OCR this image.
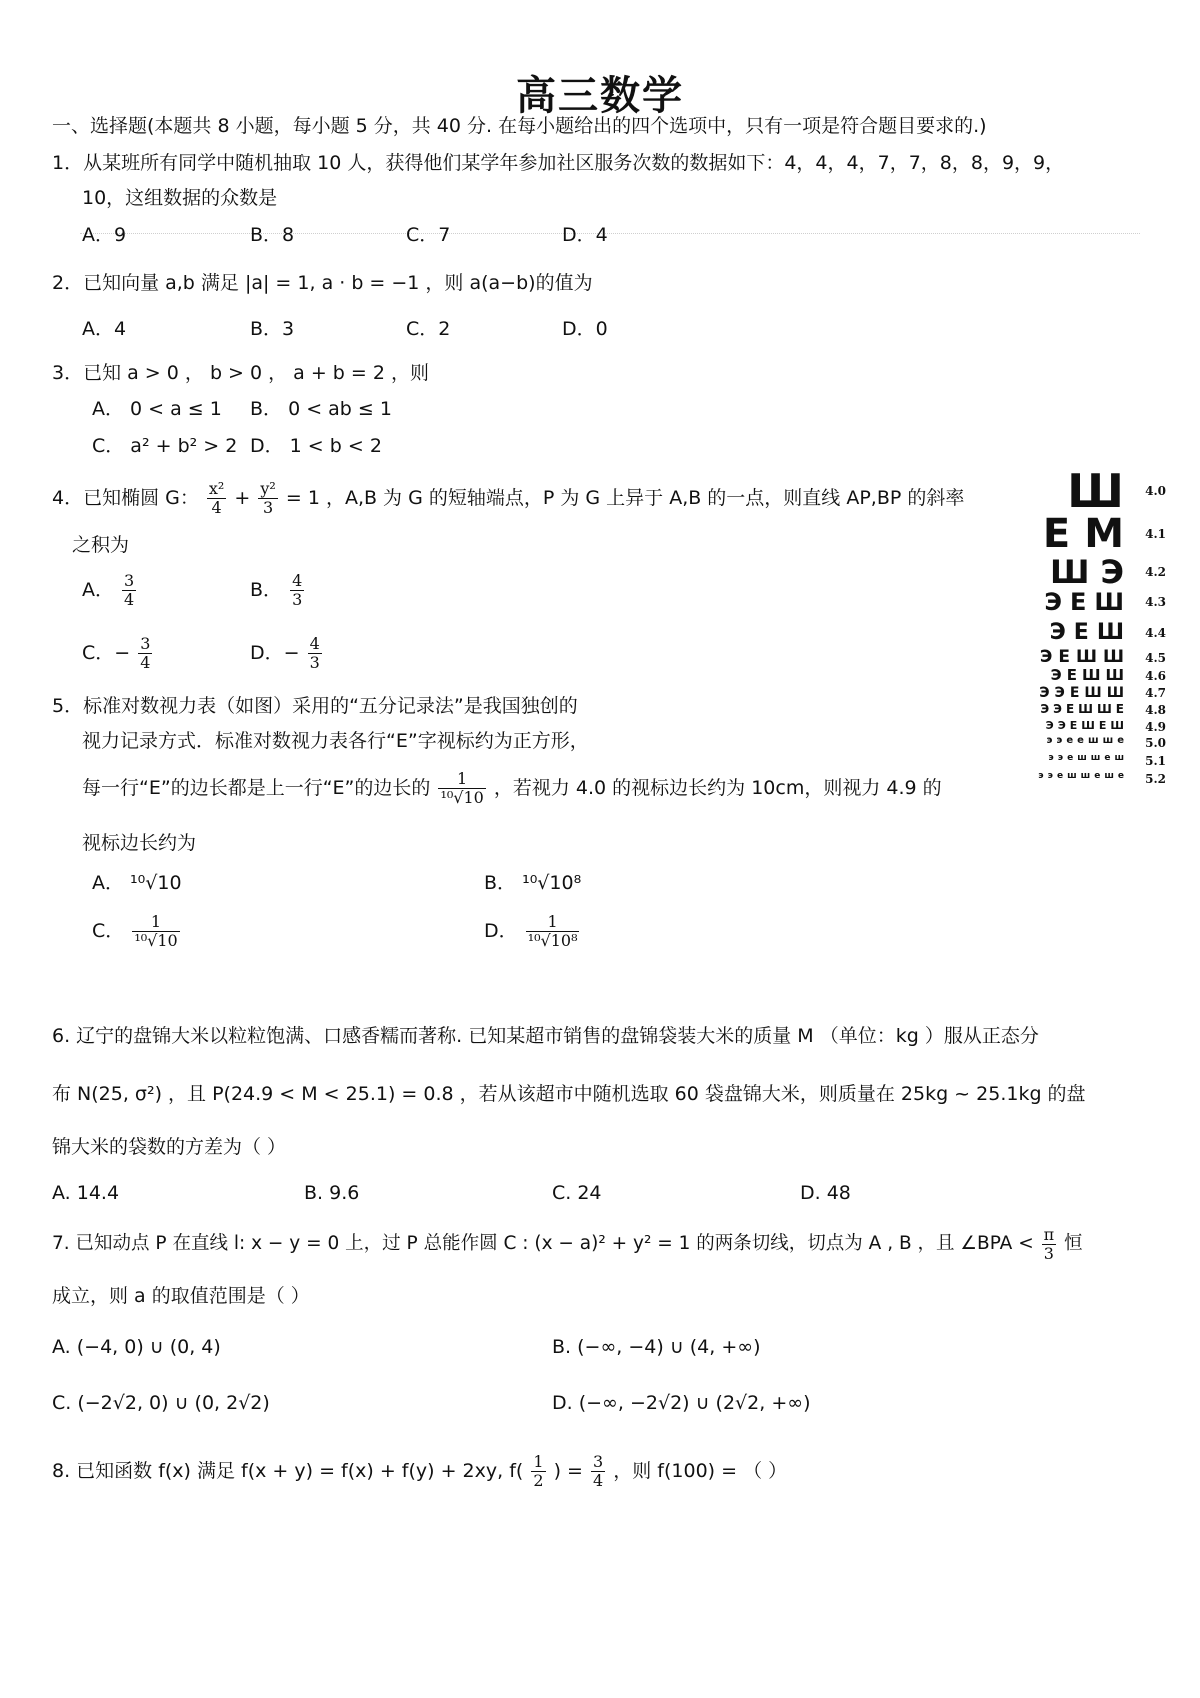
高三数学
一、选择题(本题共 8 小题，每小题 5 分，共 40 分. 在每小题给出的四个选项中，只有一项是符合题目要求的.)
1．从某班所有同学中随机抽取 10 人，获得他们某学年参加社区服务次数的数据如下：4，4，4，7，7，8，8，9，9，
10，这组数据的众数是
A．9	B．8	C．7	D．4
2．已知向量 a,b 满足 |a| = 1, a · b = −1 ，则 a(a−b)的值为
A．4	B．3	C．2	D．0
3．已知 a > 0 ， b > 0 ， a + b = 2 ，则
A． 0 < a ≤ 1 B． 0 < ab ≤ 1
C． a² + b² > 2 D． 1 < b < 2
4．已知椭圆 G： $\frac{\text{x²}}{4} + \frac{\text{y²}}{3} = 1$ ，A,B 为 G 的短轴端点，P 为 G 上异于 A,B 的一点，则直线 AP,BP 的斜率
之积为
A． $\frac{3}{4}$	B． $\frac{4}{3}$
C．− $\frac{3}{4}$	D．− $\frac{4}{3}$
5．标准对数视力表（如图）采用的“五分记录法”是我国独创的
视力记录方式．标准对数视力表各行“E”字视标约为正方形，
每一行“E”的边长都是上一行“E”的边长的 $\frac{1}{\text{¹⁰√10}}$ ，若视力 4.0 的视标边长约为 10cm，则视力 4.9 的
视标边长约为
A． ¹⁰√10	B． ¹⁰√10⁸
C． $\frac{1}{\text{¹⁰√10}}$	D． $\frac{1}{\text{¹⁰√10⁸}}$
Ш 4.0
Е М 4.1
Ш Э 4.2
Э Е Ш 4.3
Э Е Ш 4.4
Э Е Ш Ш 4.5
Э Е Ш Ш 4.6
Э Э Е Ш Ш 4.7
Э Э Е Ш Ш Е 4.8
Э Э Е Ш Е Ш 4.9
э э е е ш ш е 5.0
э э е ш ш е ш 5.1
э э е ш ш е ш е 5.2
6. 辽宁的盘锦大米以粒粒饱满、口感香糯而著称. 已知某超市销售的盘锦袋装大米的质量 M （单位：kg ）服从正态分
布 N(25, σ²) ，且 P(24.9 < M < 25.1) = 0.8 ，若从该超市中随机选取 60 袋盘锦大米，则质量在 25kg ~ 25.1kg 的盘
锦大米的袋数的方差为（ ）
A. 14.4	B. 9.6	C. 24	D. 48
7. 已知动点 P 在直线 l: x − y = 0 上，过 P 总能作圆 C : (x − a)² + y² = 1 的两条切线，切点为 A , B ，且 ∠BPA < $\frac{\pi}{3}$ 恒
成立，则 a 的取值范围是（ ）
A. (−4, 0) ∪ (0, 4)	B. (−∞, −4) ∪ (4, +∞)
C. (−2√2, 0) ∪ (0, 2√2)	D. (−∞, −2√2) ∪ (2√2, +∞)
8. 已知函数 f(x) 满足 f(x + y) = f(x) + f(y) + 2xy, $f( \frac{1}{2}$ ) = $\frac{3}{4}$ ，则 f(100) = （ ）
